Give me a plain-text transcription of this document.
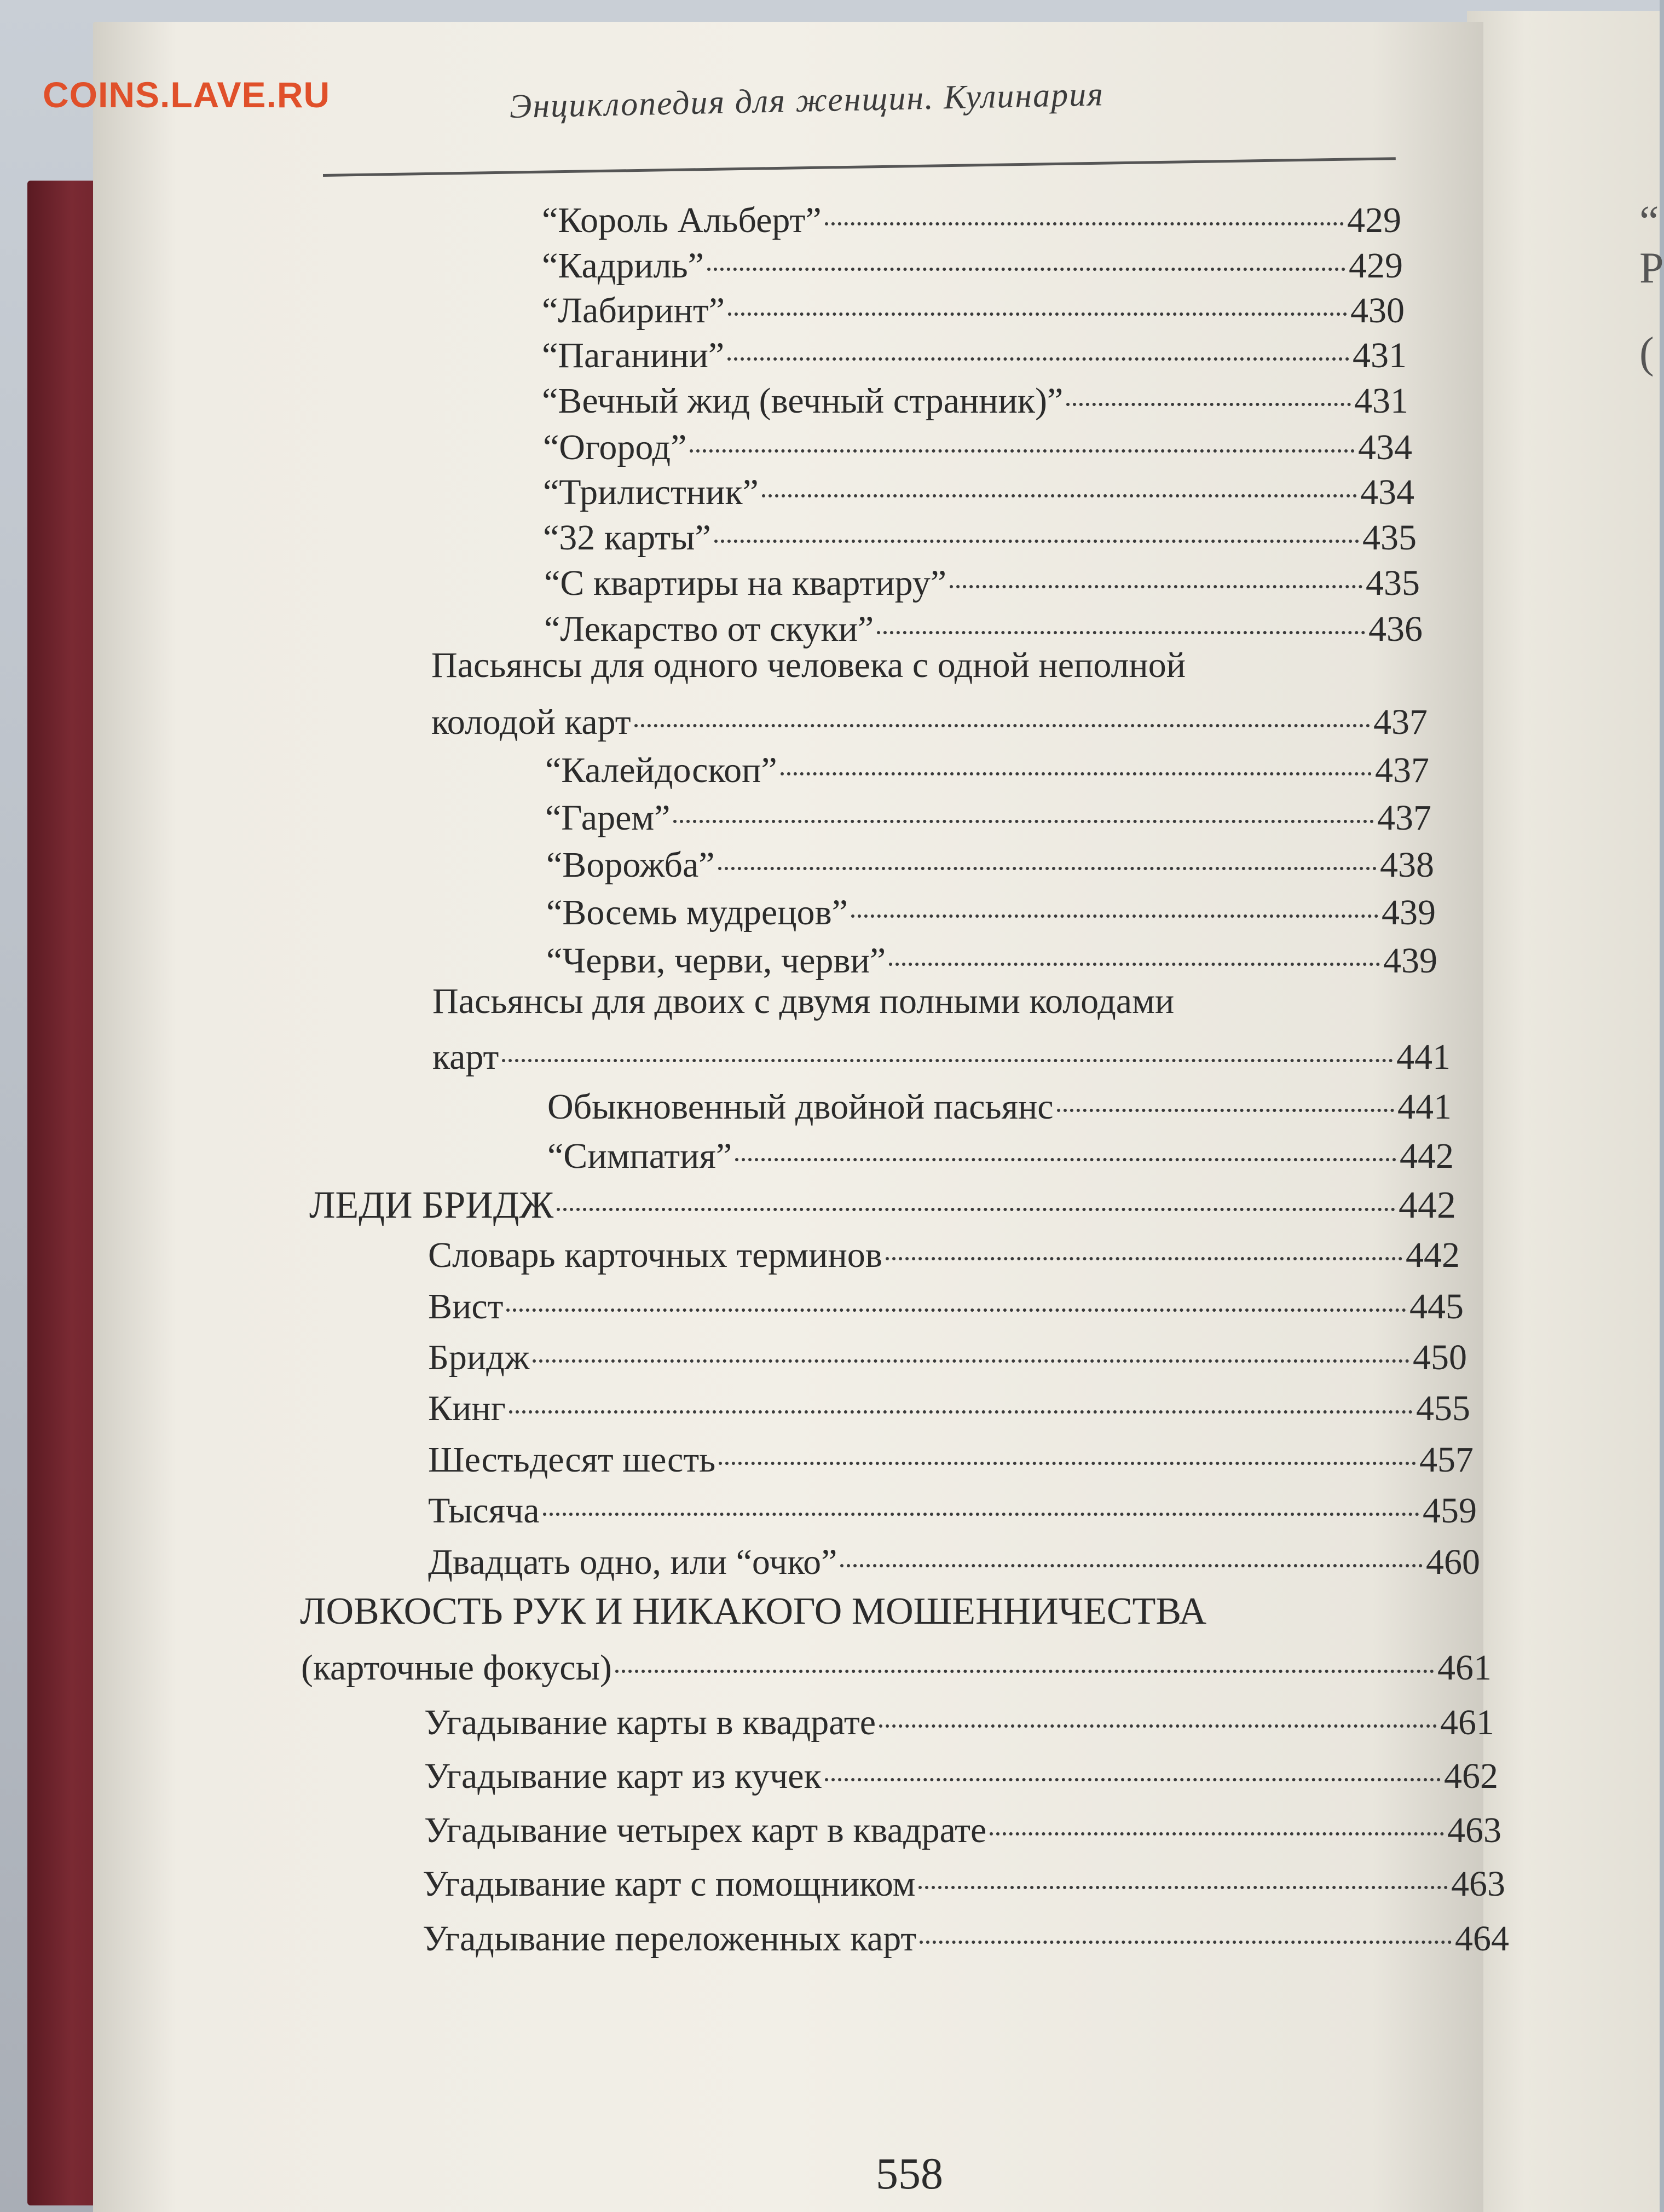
“
Р
(
COINS.LAVE.RU	Энциклопедия для женщин. Кулинария
“Король Альберт”	429
“Кадриль”	429
“Лабиринт”	430
“Паганини”	431
“Вечный жид (вечный странник)”	431
“Огород”	434
“Трилистник”	434
“32 карты”	435
“С квартиры на квартиру”	435
“Лекарство от скуки”	436
Пасьянсы для одного человека с одной неполной
колодой карт	437
“Калейдоскоп”	437
“Гарем”	437
“Ворожба”	438
“Восемь мудрецов”	439
“Черви, черви, черви”	439
Пасьянсы для двоих с двумя полными колодами
карт	441
Обыкновенный двойной пасьянс	441
“Симпатия”	442
ЛЕДИ БРИДЖ	442
Словарь карточных терминов	442
Вист	445
Бридж	450
Кинг	455
Шестьдесят шесть	457
Тысяча	459
Двадцать одно, или “очко”	460
ЛОВКОСТЬ РУК И НИКАКОГО МОШЕННИЧЕСТВА
(карточные фокусы)	461
Угадывание карты в квадрате	461
Угадывание карт из кучек	462
Угадывание четырех карт в квадрате	463
Угадывание карт с помощником	463
Угадывание переложенных карт	464
558
